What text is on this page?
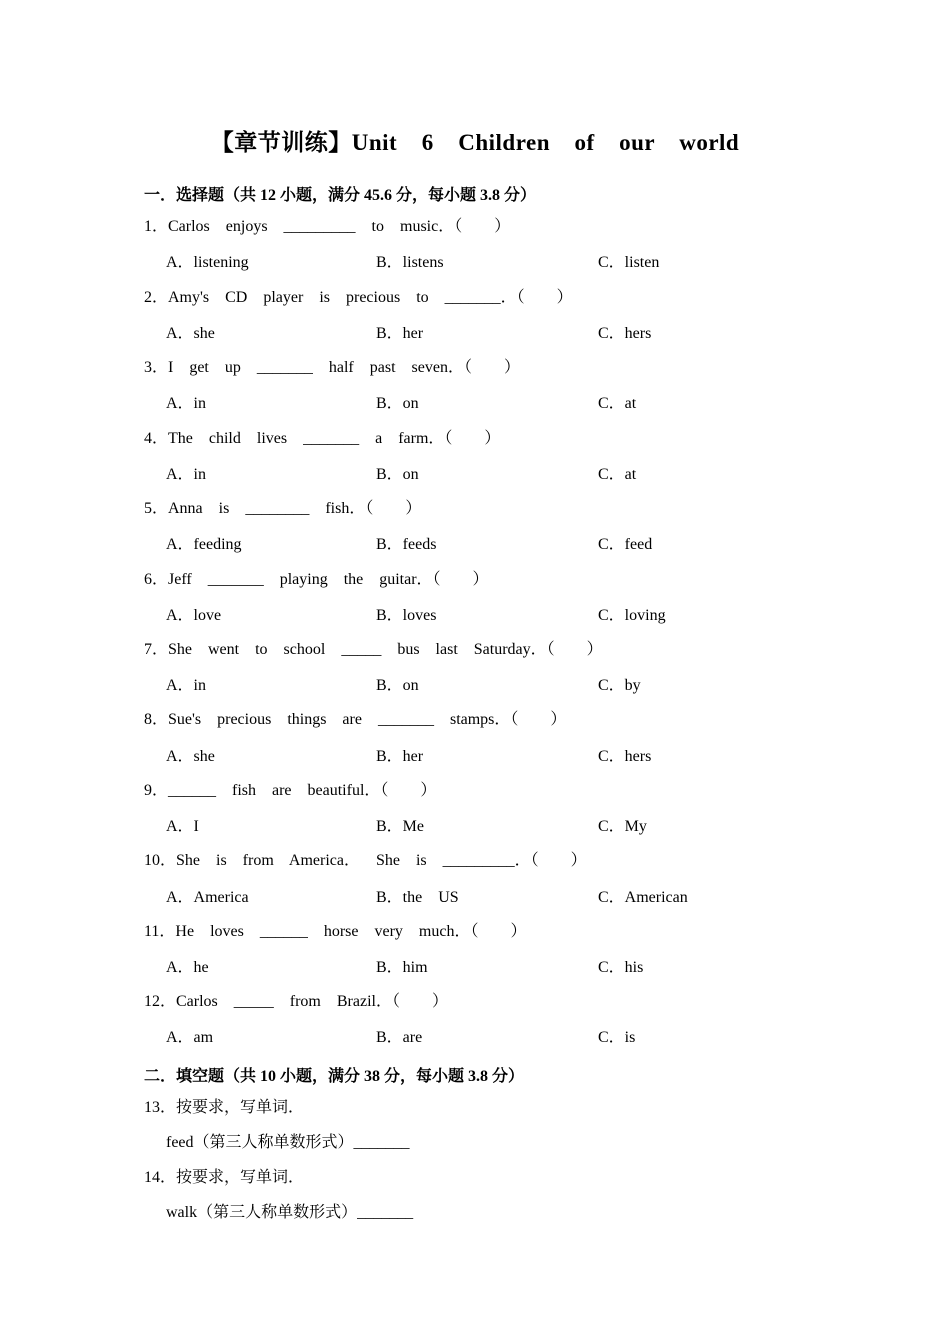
【章节训练】Unit  6  Children  of  our  world
一．选择题（共 12 小题，满分 45.6 分，每小题 3.8 分）
1．Carlos  enjoys  _________  to  music．（　　）
A．listening	B．listens	C．listen
2．Amy's  CD  player  is  precious  to  _______．（　　）
A．she	B．her	C．hers
3．I  get  up  _______  half  past  seven．（　　）
A．in	B．on	C．at
4．The  child  lives  _______  a  farm．（　　）
A．in	B．on	C．at
5．Anna  is  ________  fish．（　　）
A．feeding	B．feeds	C．feed
6．Jeff  _______  playing  the  guitar．（　　）
A．love	B．loves	C．loving
7．She  went  to  school  _____  bus  last  Saturday．（　　）
A．in	B．on	C．by
8．Sue's  precious  things  are  _______  stamps．（　　）
A．she	B．her	C．hers
9．______  fish  are  beautiful．（　　）
A．I	B．Me	C．My
10．She  is  from  America．  She  is  _________．（　　）
A．America	B．the  US	C．American
11．He  loves  ______  horse  very  much．（　　）
A．he	B．him	C．his
12．Carlos  _____  from  Brazil．（　　）
A．am	B．are	C．is
二．填空题（共 10 小题，满分 38 分，每小题 3.8 分）
13．按要求，写单词．
feed（第三人称单数形式）_______
14．按要求，写单词．
walk（第三人称单数形式）_______
